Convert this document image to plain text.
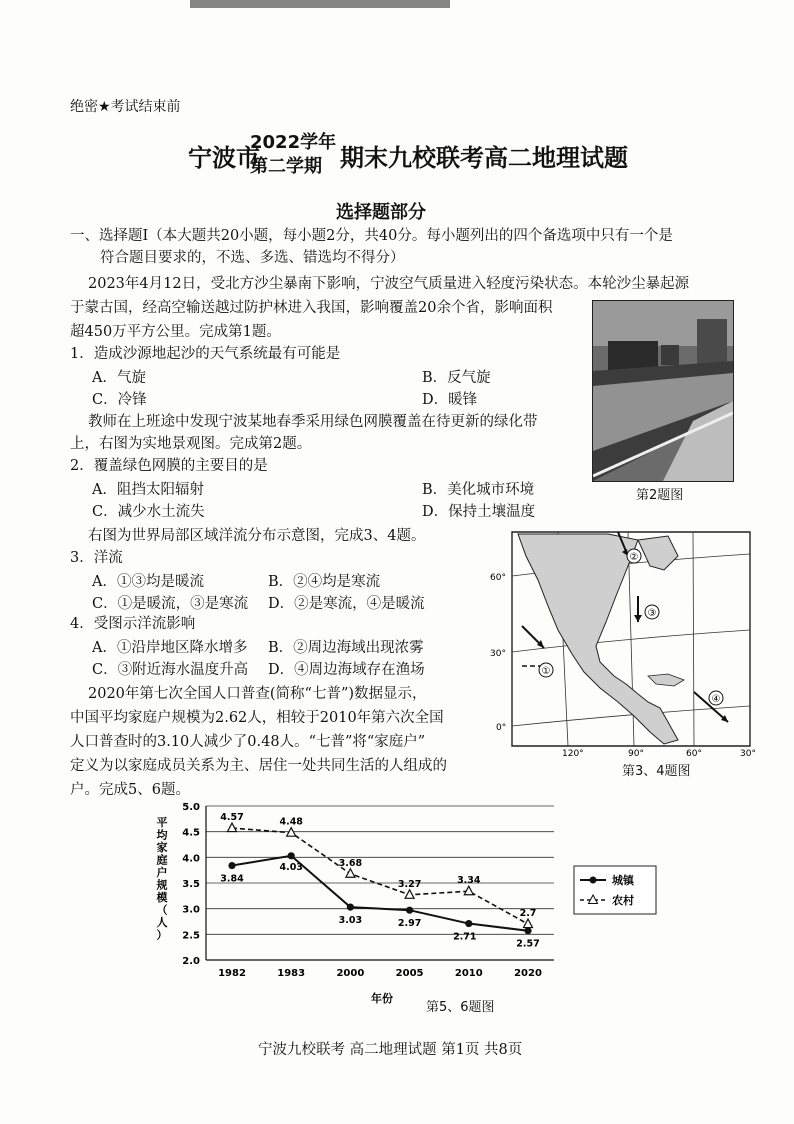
绝密★考试结束前
宁波市
2022学年
第二学期 期末九校联考高二地理试题
选择题部分
一、选择题Ⅰ（本大题共20小题，每小题2分，共40分。每小题列出的四个备选项中只有一个是
符合题目要求的，不选、多选、错选均不得分）
2023年4月12日，受北方沙尘暴南下影响，宁波空气质量进入轻度污染状态。本轮沙尘暴起源
于蒙古国，经高空输送越过防护林进入我国，影响覆盖20余个省，影响面积
超450万平方公里。完成第1题。
1．造成沙源地起沙的天气系统最有可能是
A．气旋	B．反气旋
C．冷锋	D．暖锋
教师在上班途中发现宁波某地春季采用绿色网膜覆盖在待更新的绿化带
上，右图为实地景观图。完成第2题。
2．覆盖绿色网膜的主要目的是
A．阻挡太阳辐射	B．美化城市环境
C．减少水土流失	D．保持土壤温度
第2题图
右图为世界局部区域洋流分布示意图，完成3、4题。
3．洋流
A．①③均是暖流	B．②④均是寒流
C．①是暖流，③是寒流 D．②是寒流，④是暖流
4．受图示洋流影响
A．①沿岸地区降水增多 B．②周边海域出现浓雾
C．③附近海水温度升高 D．④周边海域存在渔场	①
②
③
④
60°
30°
0°
120°	90°	60°	30°
第3、4题图
2020年第七次全国人口普查(简称“七普”)数据显示，
中国平均家庭户规模为2.62人，相较于2010年第六次全国
人口普查时的3.10人减少了0.48人。“七普”将“家庭户”
定义为以家庭成员关系为主、居住一处共同生活的人组成的
户。完成5、6题。
5.0
4.5
4.0
3.5
3.0
2.5
2.0
1982	1983	2000	2005	2010	2020
3.84
4.03
3.03	2.97
2.71
2.57
4.57	4.48
3.68
3.27	3.34
2.7
平均家庭户规模（人）
年份
城镇
农村
第5、6题图
宁波九校联考 高二地理试题 第1页 共8页
